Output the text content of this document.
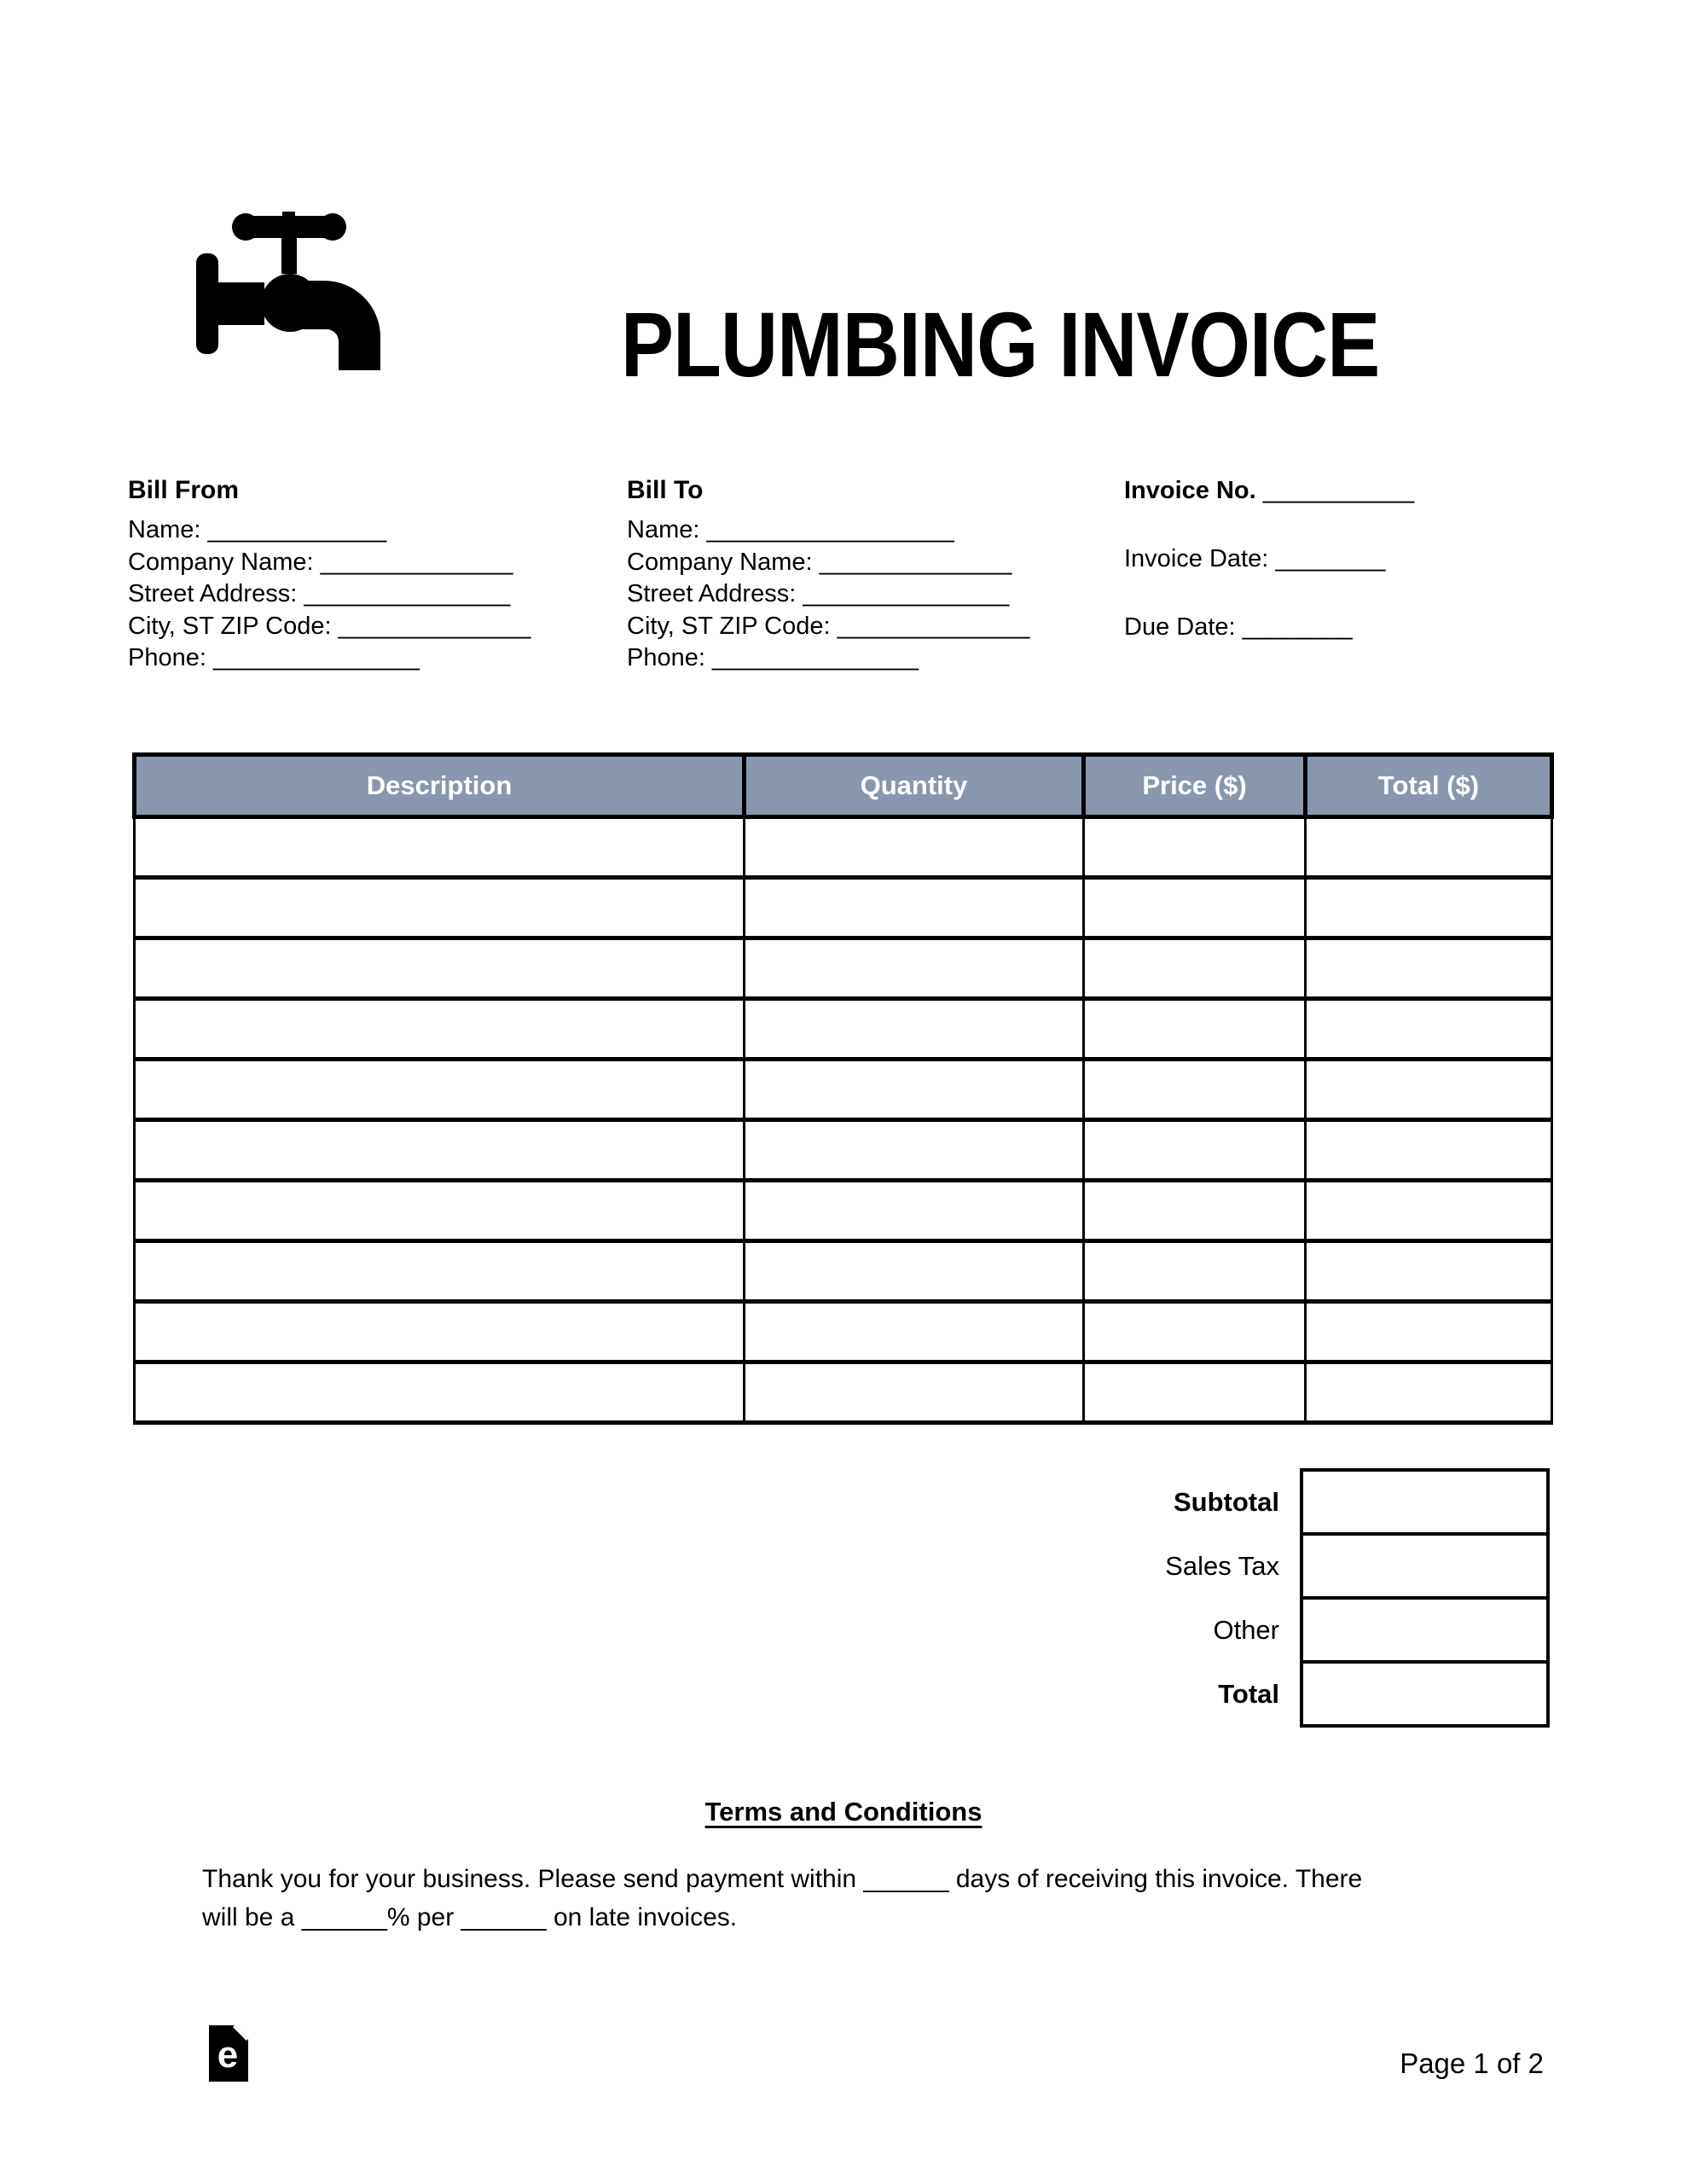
PLUMBING INVOICE
Bill From
Name: _____________
Company Name: ______________
Street Address: _______________
City, ST ZIP Code: ______________
Phone: _______________
Bill To
Name: __________________
Company Name: ______________
Street Address: _______________
City, ST ZIP Code: ______________
Phone: _______________
Invoice No. ___________
Invoice Date: ________
Due Date: ________
Description	Quantity	Price ($)	Total ($)

Subtotal
Sales Tax
Other
Total
Terms and Conditions
Thank you for your business. Please send payment within ______ days of receiving this invoice. There
will be a ______% per ______ on late invoices.
e	Page 1 of 2
